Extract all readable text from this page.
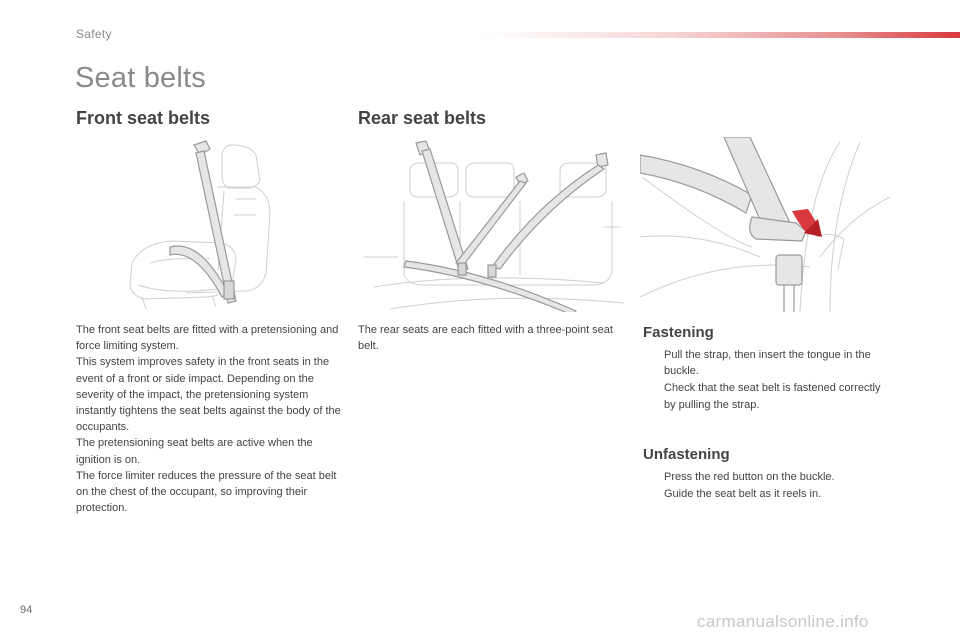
Safety
Seat belts
Front seat belts

The front seat belts are fitted with a pretensioning and force limiting system.

This system improves safety in the front seats in the event of a front or side impact. Depending on the severity of the impact, the pretensioning system instantly tightens the seat belts against the body of the occupants.

The pretensioning seat belts are active when the ignition is on.

The force limiter reduces the pressure of the seat belt on the chest of the occupant, so improving their protection.

Rear seat belts
The rear seats are each fitted with a three-point seat belt.
Fastening
Pull the strap, then insert the tongue in the buckle.
Check that the seat belt is fastened correctly by pulling the strap.
Unfastening
Press the red button on the buckle.
Guide the seat belt as it reels in.
94
carmanualsonline.info
